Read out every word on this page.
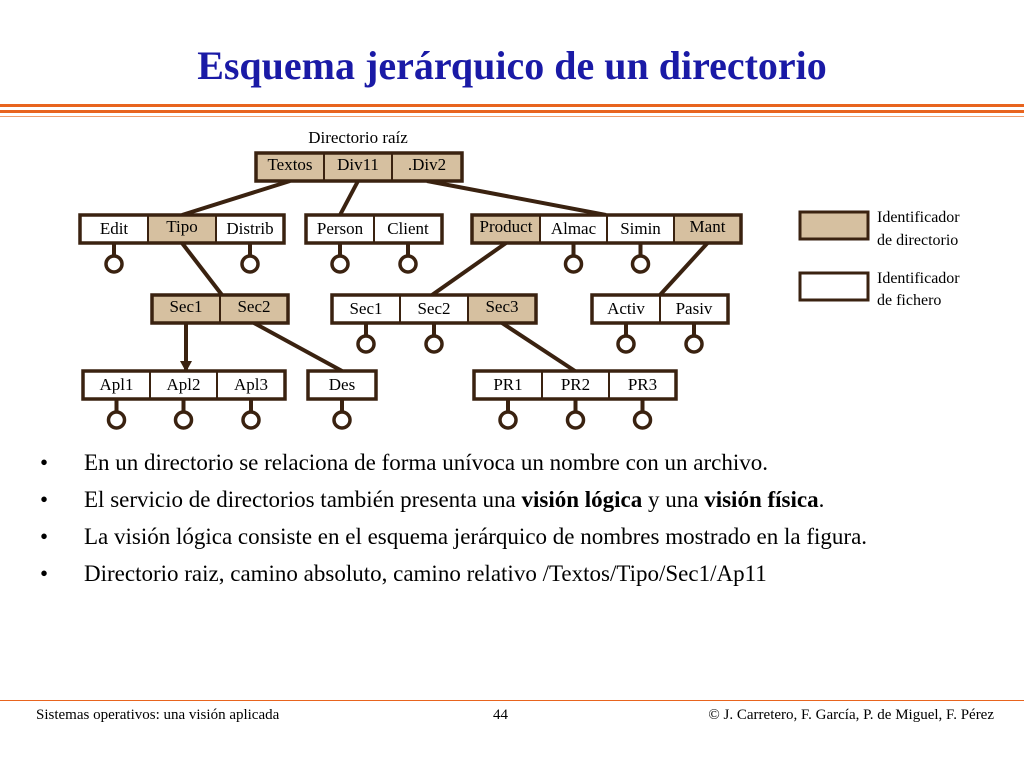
Esquema jerárquico de un directorio
Textos Div11 .Div2
Edit Tipo Distrib	Person Client	Product Almac Simin Mant
Sec1 Sec2	Sec1 Sec2 Sec3	Activ Pasiv
Apl1 Apl2 Apl3	Des	PR1 PR2 PR3
Directorio raíz
Identificador
de directorio
Identificador
de fichero
• En un directorio se relaciona de forma unívoca un nombre con un archivo.
• El servicio de directorios también presenta una visión lógica y una visión física.
• La visión lógica consiste en el esquema jerárquico de nombres mostrado en la figura.
• Directorio raiz, camino absoluto, camino relativo /Textos/Tipo/Sec1/Ap11
Sistemas operativos: una visión aplicada	44	© J. Carretero, F. García, P. de Miguel, F. Pérez
